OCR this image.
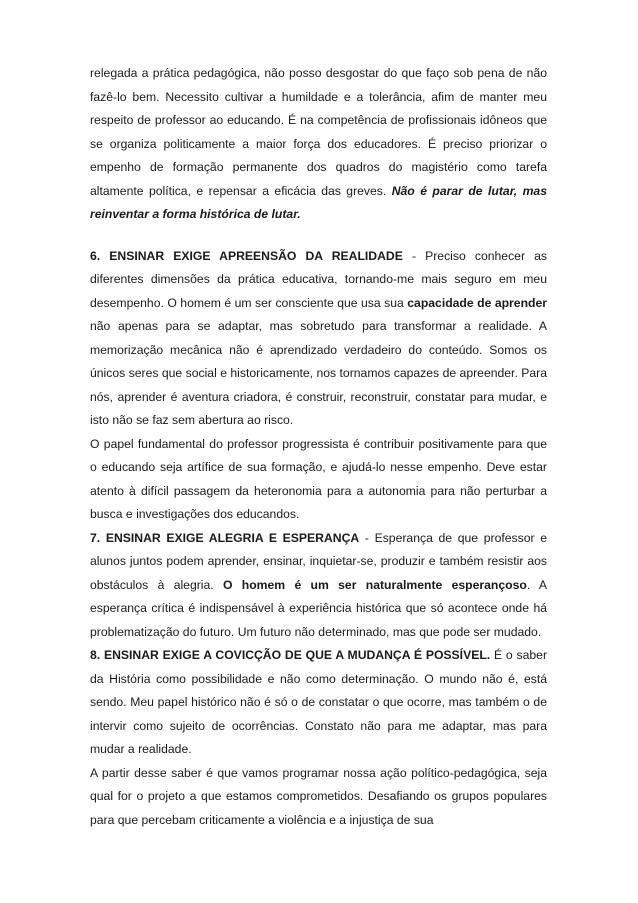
relegada a prática pedagógica, não posso desgostar do que faço sob pena de não fazê-lo bem. Necessito cultivar a humildade e a tolerância, afim de manter meu respeito de professor ao educando. É na competência de profissionais idôneos que se organiza politicamente a maior força dos educadores. É preciso priorizar o empenho de formação permanente dos quadros do magistério como tarefa altamente política, e repensar a eficácia das greves. Não é parar de lutar, mas reinventar a forma histórica de lutar.

6. ENSINAR EXIGE APREENSÃO DA REALIDADE - Preciso conhecer as diferentes dimensões da prática educativa, tornando-me mais seguro em meu desempenho. O homem é um ser consciente que usa sua capacidade de aprender não apenas para se adaptar, mas sobretudo para transformar a realidade. A memorização mecânica não é aprendizado verdadeiro do conteúdo. Somos os únicos seres que social e historicamente, nos tornamos capazes de apreender. Para nós, aprender é aventura criadora, é construir, reconstruir, constatar para mudar, e isto não se faz sem abertura ao risco.

O papel fundamental do professor progressista é contribuir positivamente para que o educando seja artífice de sua formação, e ajudá-lo nesse empenho. Deve estar atento à difícil passagem da heteronomia para a autonomia para não perturbar a busca e investigações dos educandos.

7. ENSINAR EXIGE ALEGRIA E ESPERANÇA - Esperança de que professor e alunos juntos podem aprender, ensinar, inquietar-se, produzir e também resistir aos obstáculos à alegria. O homem é um ser naturalmente esperançoso. A esperança crítica é indispensável à experiência histórica que só acontece onde há problematização do futuro. Um futuro não determinado, mas que pode ser mudado.

8. ENSINAR EXIGE A COVICÇÃO DE QUE A MUDANÇA É POSSÍVEL. É o saber da História como possibilidade e não como determinação. O mundo não é, está sendo. Meu papel histórico não é só o de constatar o que ocorre, mas também o de intervir como sujeito de ocorrências. Constato não para me adaptar, mas para mudar a realidade.

A partir desse saber é que vamos programar nossa ação político-pedagógica, seja qual for o projeto a que estamos comprometidos. Desafiando os grupos populares para que percebam criticamente a violência e a injustiça de sua
